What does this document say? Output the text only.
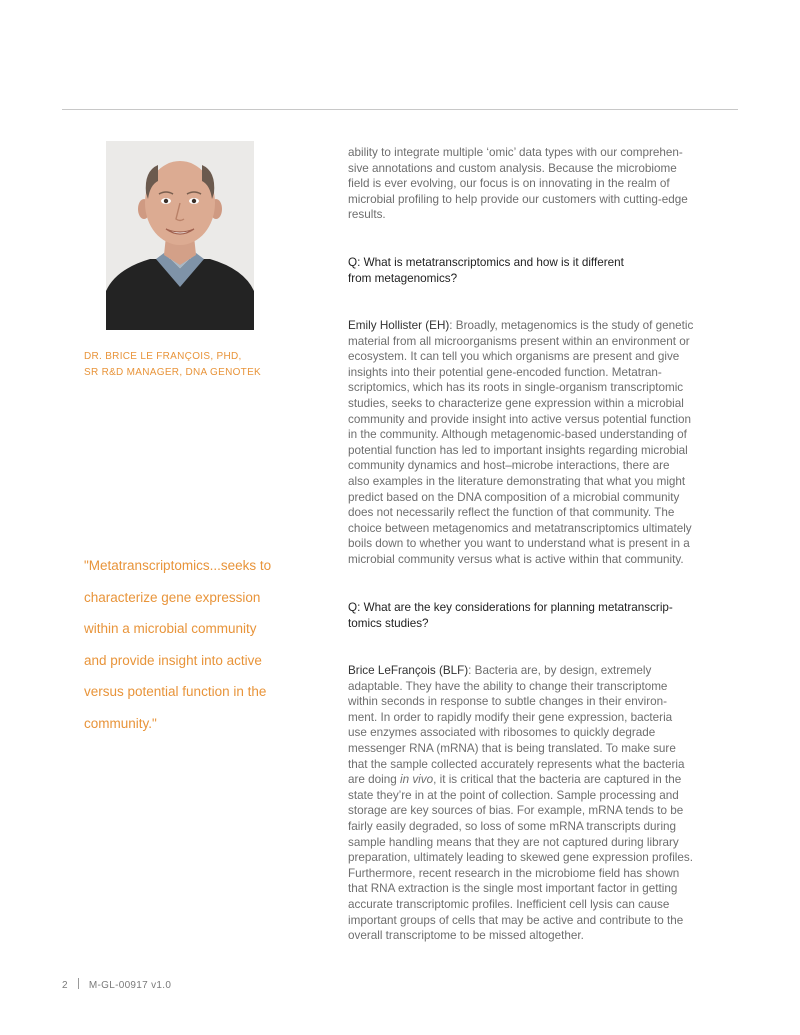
DR. BRICE LE FRANÇOIS, PHD,
SR R&D MANAGER, DNA GENOTEK
"Metatranscriptomics...seeks to
characterize gene expression
within a microbial community
and provide insight into active
versus potential function in the
community."
ability to integrate multiple ‘omic’ data types with our comprehen-
sive annotations and custom analysis. Because the microbiome
field is ever evolving, our focus is on innovating in the realm of
microbial profiling to help provide our customers with cutting-edge
results.
Q: What is metatranscriptomics and how is it different
from metagenomics?
Emily Hollister (EH): Broadly, metagenomics is the study of genetic
material from all microorganisms present within an environment or
ecosystem. It can tell you which organisms are present and give
insights into their potential gene-encoded function. Metatran-
scriptomics, which has its roots in single-organism transcriptomic
studies, seeks to characterize gene expression within a microbial
community and provide insight into active versus potential function
in the community. Although metagenomic-based understanding of
potential function has led to important insights regarding microbial
community dynamics and host–microbe interactions, there are
also examples in the literature demonstrating that what you might
predict based on the DNA composition of a microbial community
does not necessarily reflect the function of that community. The
choice between metagenomics and metatranscriptomics ultimately
boils down to whether you want to understand what is present in a
microbial community versus what is active within that community.
Q: What are the key considerations for planning metatranscrip-
tomics studies?
Brice LeFrançois (BLF): Bacteria are, by design, extremely
adaptable. They have the ability to change their transcriptome
within seconds in response to subtle changes in their environ-
ment. In order to rapidly modify their gene expression, bacteria
use enzymes associated with ribosomes to quickly degrade
messenger RNA (mRNA) that is being translated. To make sure
that the sample collected accurately represents what the bacteria
are doing in vivo, it is critical that the bacteria are captured in the
state they’re in at the point of collection. Sample processing and
storage are key sources of bias. For example, mRNA tends to be
fairly easily degraded, so loss of some mRNA transcripts during
sample handling means that they are not captured during library
preparation, ultimately leading to skewed gene expression profiles.
Furthermore, recent research in the microbiome field has shown
that RNA extraction is the single most important factor in getting
accurate transcriptomic profiles. Inefficient cell lysis can cause
important groups of cells that may be active and contribute to the
overall transcriptome to be missed altogether.
2 M-GL-00917 v1.0
